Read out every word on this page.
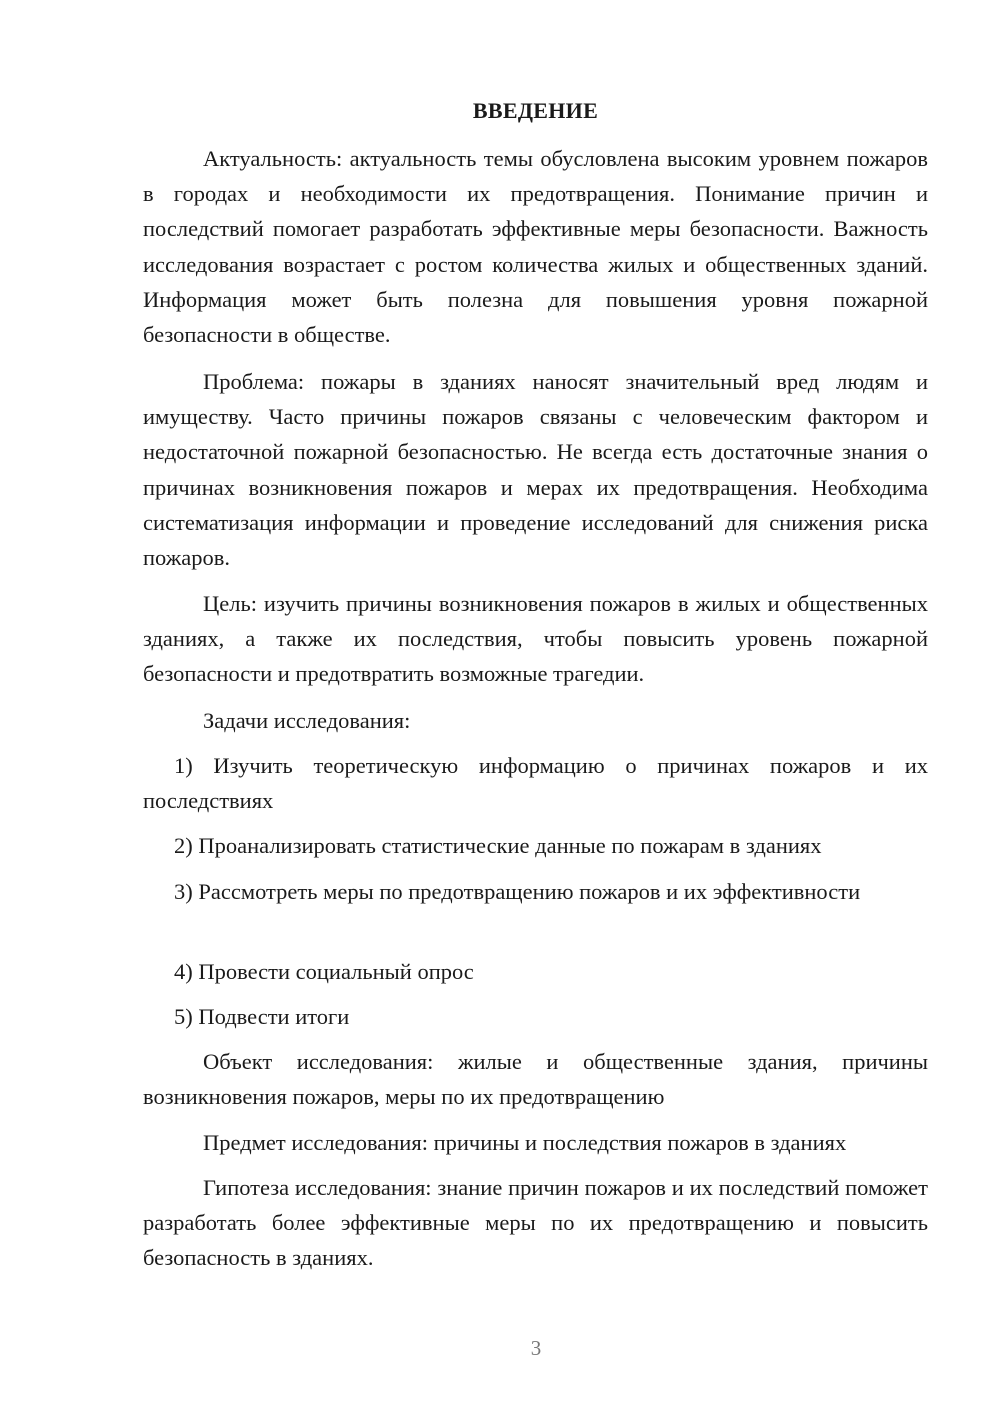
ВВЕДЕНИЕ

Актуальность: актуальность темы обусловлена высоким уровнем пожаров в городах и необходимости их предотвращения. Понимание причин и последствий помогает разработать эффективные меры безопасности. Важность исследования возрастает с ростом количества жилых и общественных зданий. Информация может быть полезна для повышения уровня пожарной безопасности в обществе.

Проблема: пожары в зданиях наносят значительный вред людям и имуществу. Часто причины пожаров связаны с человеческим фактором и недостаточной пожарной безопасностью. Не всегда есть достаточные знания о причинах возникновения пожаров и мерах их предотвращения. Необходима систематизация информации и проведение исследований для снижения риска пожаров.

Цель: изучить причины возникновения пожаров в жилых и общественных зданиях, а также их последствия, чтобы повысить уровень пожарной безопасности и предотвратить возможные трагедии.

Задачи исследования:

1) Изучить теоретическую информацию о причинах пожаров и их последствиях

2) Проанализировать статистические данные по пожарам в зданиях

3) Рассмотреть меры по предотвращению пожаров и их эффективности

4) Провести социальный опрос

5) Подвести итоги

Объект исследования: жилые и общественные здания, причины возникновения пожаров, меры по их предотвращению

Предмет исследования: причины и последствия пожаров в зданиях

Гипотеза исследования: знание причин пожаров и их последствий поможет разработать более эффективные меры по их предотвращению и повысить безопасность в зданиях.

3
